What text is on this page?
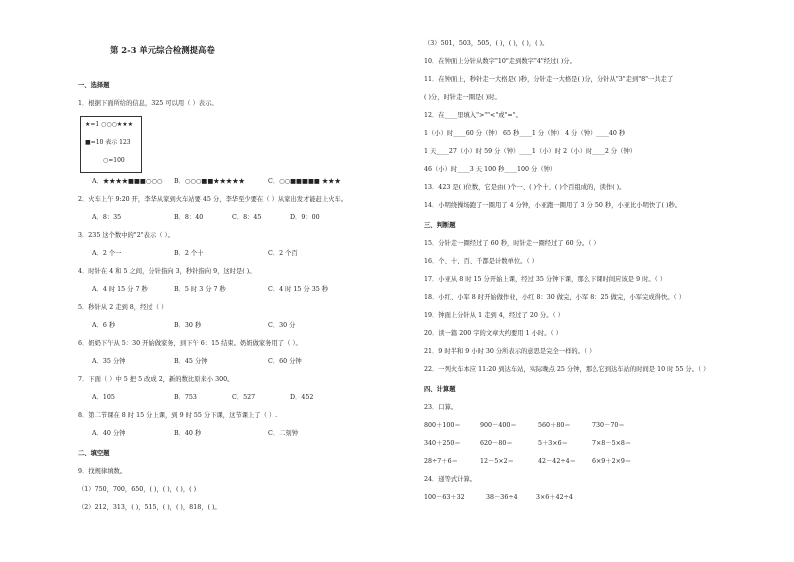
第 2-3 单元综合检测提高卷
一、选择题
1．根据下面所给的信息，325 可以用（ ）表示。
★=1 ○○○★★★
■=10 表示 123
○=100
A．★★★★■■■○○○ B．○○○■■★★★★★	C．○○■■■■■ ★★★
2．火车上午 9:20 开，李华从家到火车站要 45 分，李华至少要在（ ）从家出发才能赶上火车。
A．8：35	B．8：40	C．8：45	D．9：00
3．235 这个数中的"2"表示（ ）。
A．2 个一	B．2 个十	C．2 个百
4．时针在 4 和 5 之间，分针指向 3，秒针指向 9，这时是( )。
A．4 时 15 分 7 秒	B．5 时 3 分 7 秒	C．4 时 15 分 35 秒
5．秒针从 2 走到 8，经过（ ）
A．6 秒	B．30 秒	C．30 分
6．奶奶下午从 5：30 开始做家务，到下午 6：15 结束。奶奶做家务用了（ ）。
A．35 分钟	B．45 分钟	C．60 分钟
7．下面（ ）中 5 把 5 改成 2，新的数比原来小 300。
A．105	B．753	C．527	D．452
8．第二节课在 8 时 15 分上课，到 9 时 55 分下课，这节课上了（ ）.
A．40 分钟	B．40 秒	C．二刻钟
二、填空题
9．找规律填数。
（1）750，700，650，( )，( )，( )，( )
（2）212，313，( )，515，( )，( )，818，( )。
（3）501，503，505，( )，( )，( )，( )。
10．在钟面上分针从数字"10"走到数字"4"经过( )分。
11．在钟面上，秒针走一大格是( )秒，分针走一大格是( )分，分针从"3"走到"8"一共走了
( )分，时针走一圈是( )时。
12．在____里填入">""<"或"="。
1（小）时____60 分（钟） 65 秒____1 分（钟） 4 分（钟）____40 秒
1 天____27（小）时 59 分（钟）____1（小）时 2（小）时____2 分（钟）
46（小）时____3 天 100 秒____100 分（钟）
13．423 是( )位数，它是由( )个一、( )个十、( )个百组成的，读作( )。
14．小明绕操场跑了一圈用了 4 分钟，小亚跑一圈用了 3 分 50 秒，小亚比小明快了( )秒。
三、判断题
15．分针走一圈经过了 60 秒，时针走一圈经过了 60 分。（ ）
16．个、十、百、千都是计数单位。（ ）
17．小亚从 8 时 15 分开始上课，经过 35 分钟下课，那么下课时间应该是 9 时。（ ）
18．小红、小军 8 时开始做作业，小红 8：30 做完，小军 8：25 做完，小军完成得快。（ ）
19．钟面上分针从 1 走到 4，经过了 20 分。（ ）
20．读一篇 200 字的文章大约要用 1 小时。（ ）
21．9 时半和 9 小时 30 分所表示的意思是完全一样的。（ ）
22．一列火车本应 11:20 到达车站，实际晚点 25 分钟，那么它到达车站的时间是 10 时 55 分。（ ）
四、计算题
23．口算。
800＋100＝	900－400＝	560＋80＝	730－70＝
340＋250＝	620－80＝	5＋3×6＝	7×8－5×8＝
28÷7＋6＝	12－5×2＝	42－42÷4＝	6×9＋2×9＝
24．递等式计算。
100－63＋32	38－36÷4	3×6＋42÷4
